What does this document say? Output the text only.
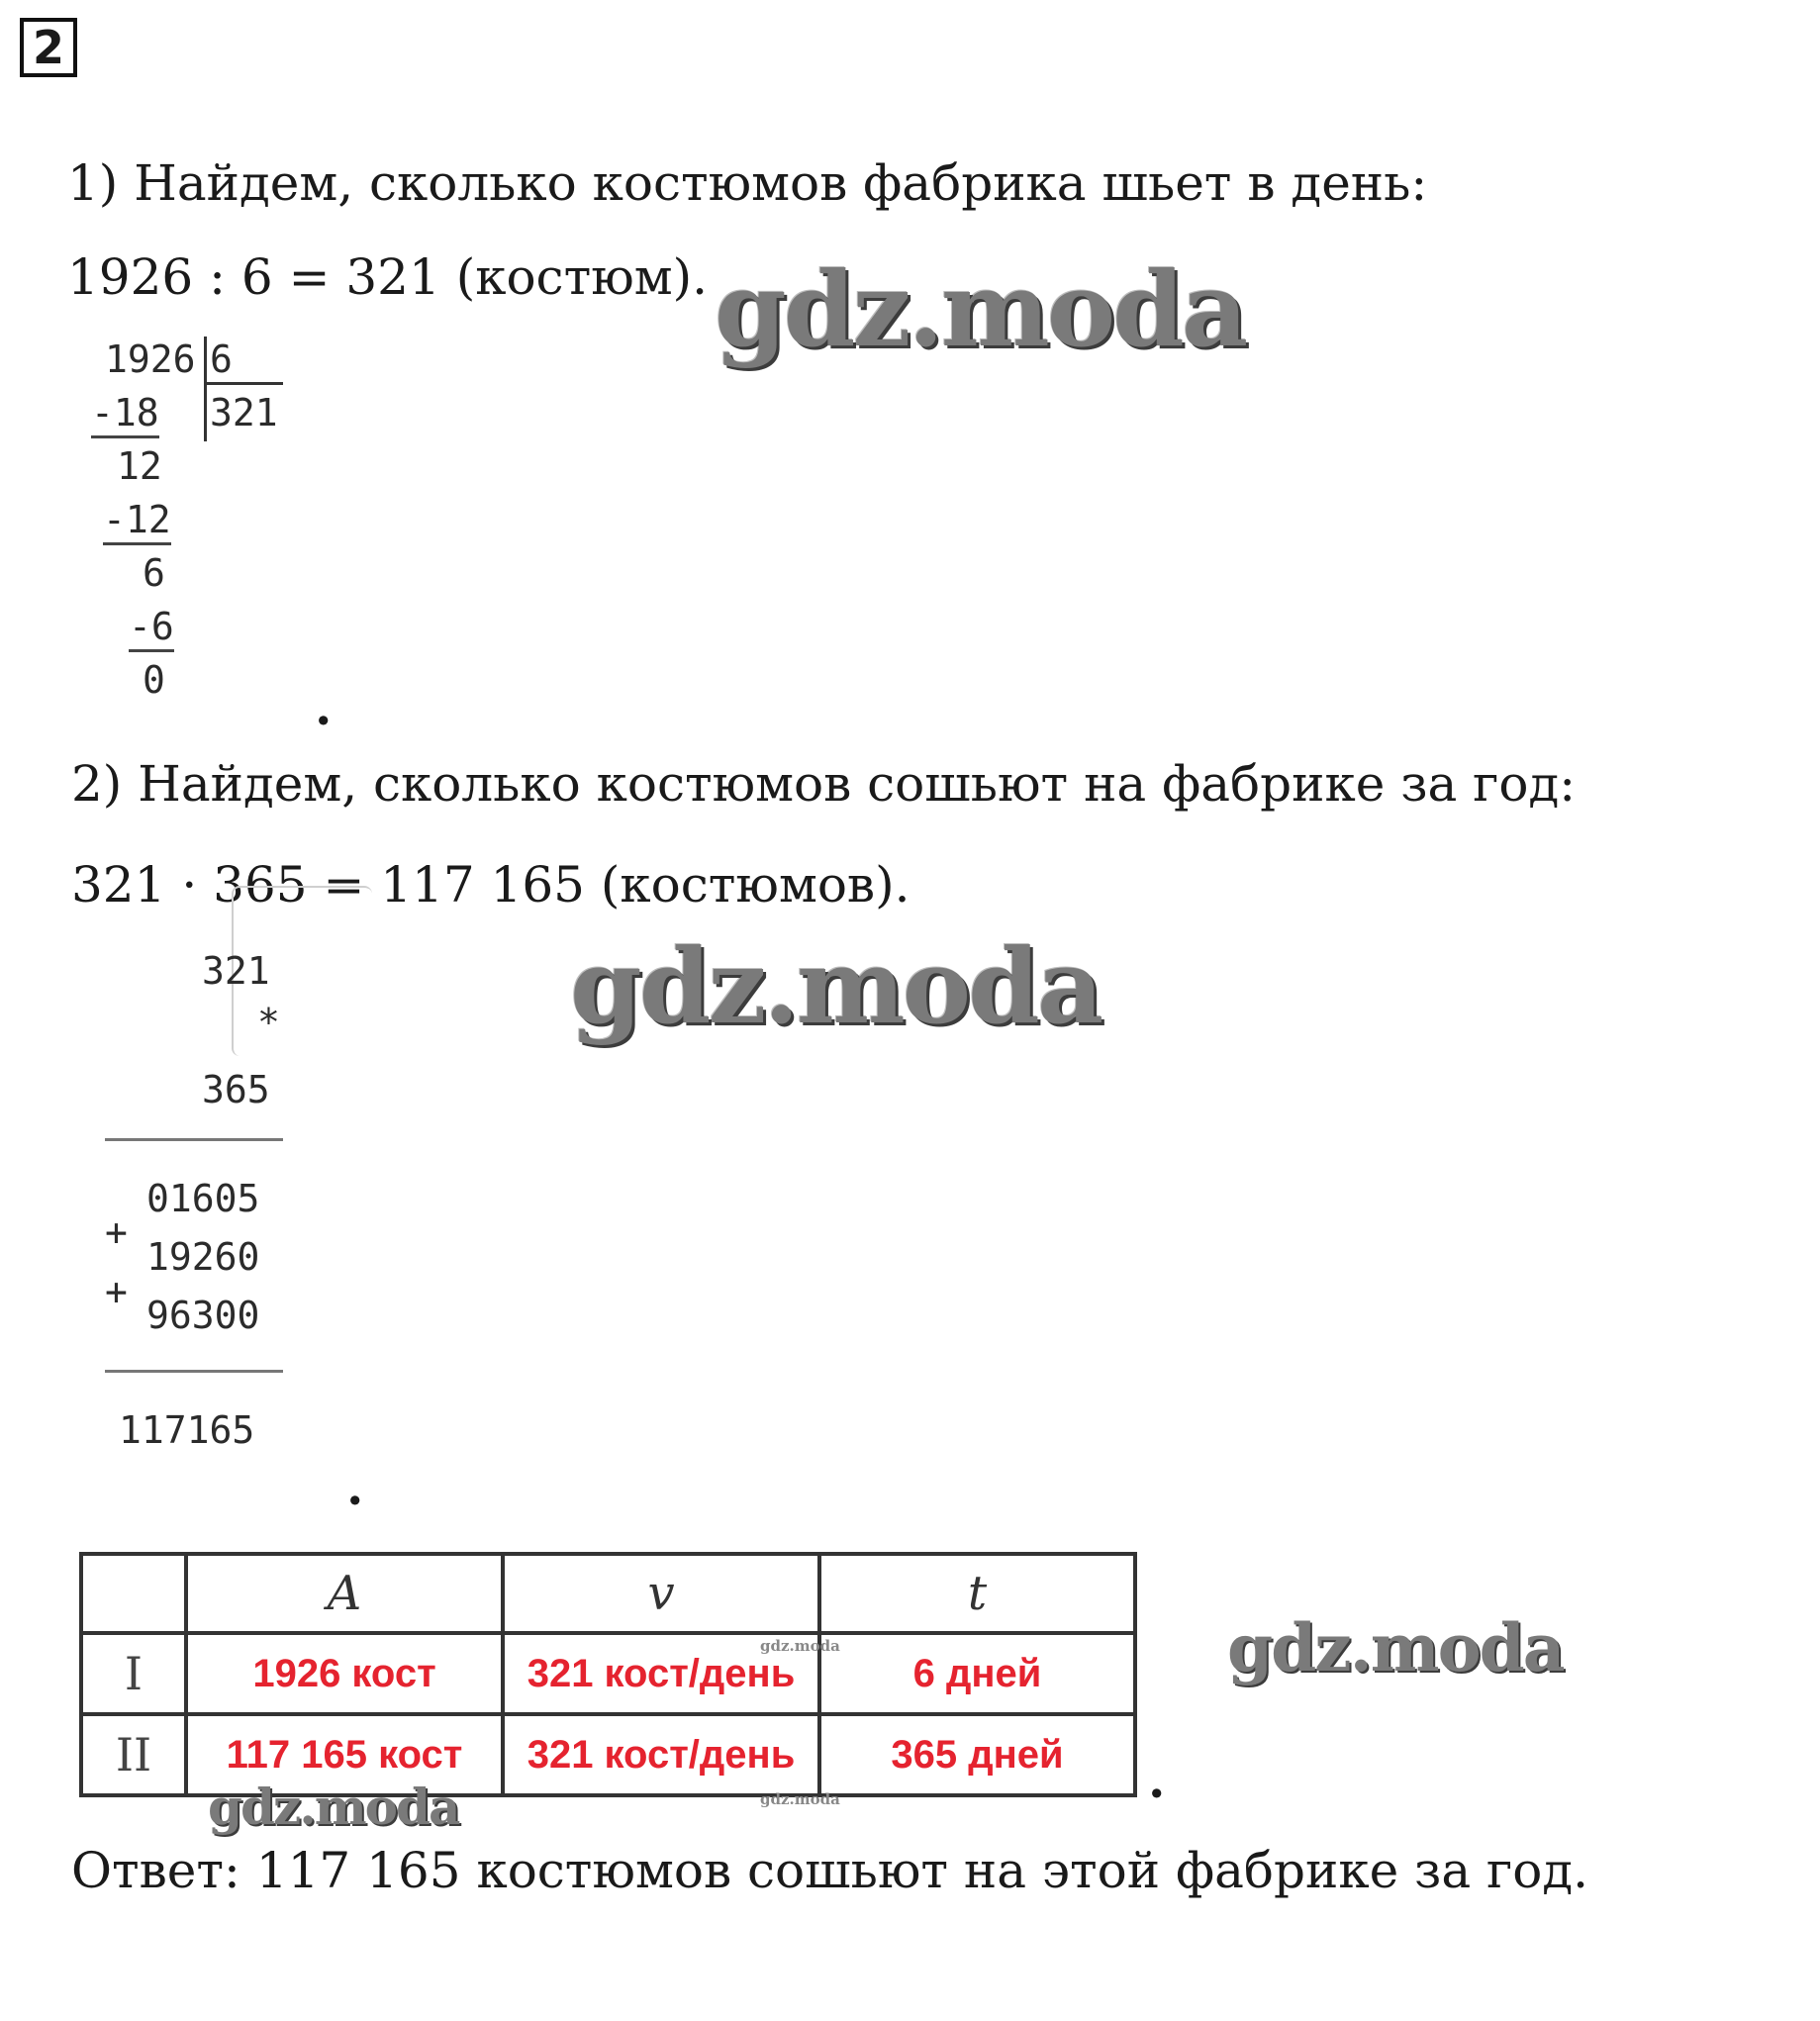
2
1) Найдем, сколько костюмов фабрика шьет в день:
1926 : 6 = 321 (костюм). gdz.moda
1926 6
321
-18
12
-12
6
-6
0	.
2) Найдем, сколько костюмов сошьют на фабрике за год:
321 · 365 = 117 165 (костюмов).
gdz.moda
321
*
365
01605
+
19260
+
96300
117165
.
	A	v	t
I	1926 кост	321 кост/день	6 дней
II	117 165 кост	321 кост/день	365 дней
gdz.moda
gdz.moda
gdz.moda
.
gdz.moda
Ответ: 117 165 костюмов сошьют на этой фабрике за год.
